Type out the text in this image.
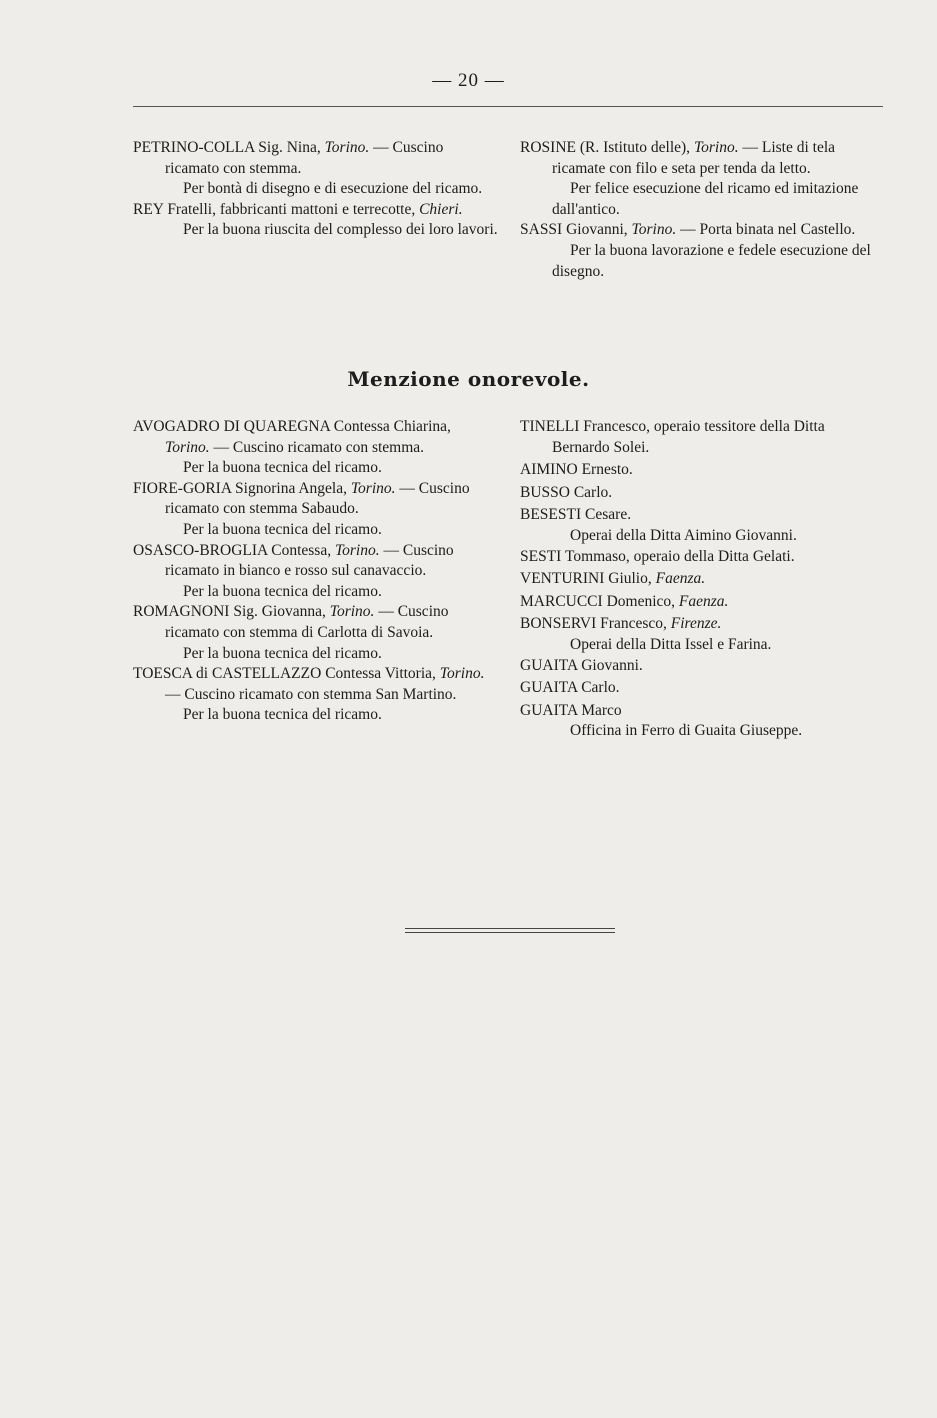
— 20 —

PETRINO-COLLA Sig. Nina, Torino. — Cuscino ricamato con stemma.

Per bontà di disegno e di esecuzione del ricamo.

REY Fratelli, fabbricanti mattoni e terrecotte, Chieri.

Per la buona riuscita del complesso dei loro lavori.

ROSINE (R. Istituto delle), Torino. — Liste di tela ricamate con filo e seta per tenda da letto.

Per felice esecuzione del ricamo ed imitazione dall'antico.

SASSI Giovanni, Torino. — Porta binata nel Castello.

Per la buona lavorazione e fedele esecuzione del disegno.

Menzione onorevole.

AVOGADRO DI QUAREGNA Contessa Chiarina, Torino. — Cuscino ricamato con stemma.

Per la buona tecnica del ricamo.

FIORE-GORIA Signorina Angela, Torino. — Cuscino ricamato con stemma Sabaudo.

Per la buona tecnica del ricamo.

OSASCO-BROGLIA Contessa, Torino. — Cuscino ricamato in bianco e rosso sul canavaccio.

Per la buona tecnica del ricamo.

ROMAGNONI Sig. Giovanna, Torino. — Cuscino ricamato con stemma di Carlotta di Savoia.

Per la buona tecnica del ricamo.

TOESCA di CASTELLAZZO Contessa Vittoria, Torino. — Cuscino ricamato con stemma San Martino.

Per la buona tecnica del ricamo.

TINELLI Francesco, operaio tessitore della Ditta Bernardo Solei.

AIMINO Ernesto.

BUSSO Carlo.

BESESTI Cesare.

Operai della Ditta Aimino Giovanni.

SESTI Tommaso, operaio della Ditta Gelati.

VENTURINI Giulio, Faenza.

MARCUCCI Domenico, Faenza.

BONSERVI Francesco, Firenze.

Operai della Ditta Issel e Farina.

GUAITA Giovanni.

GUAITA Carlo.

GUAITA Marco

Officina in Ferro di Guaita Giuseppe.
